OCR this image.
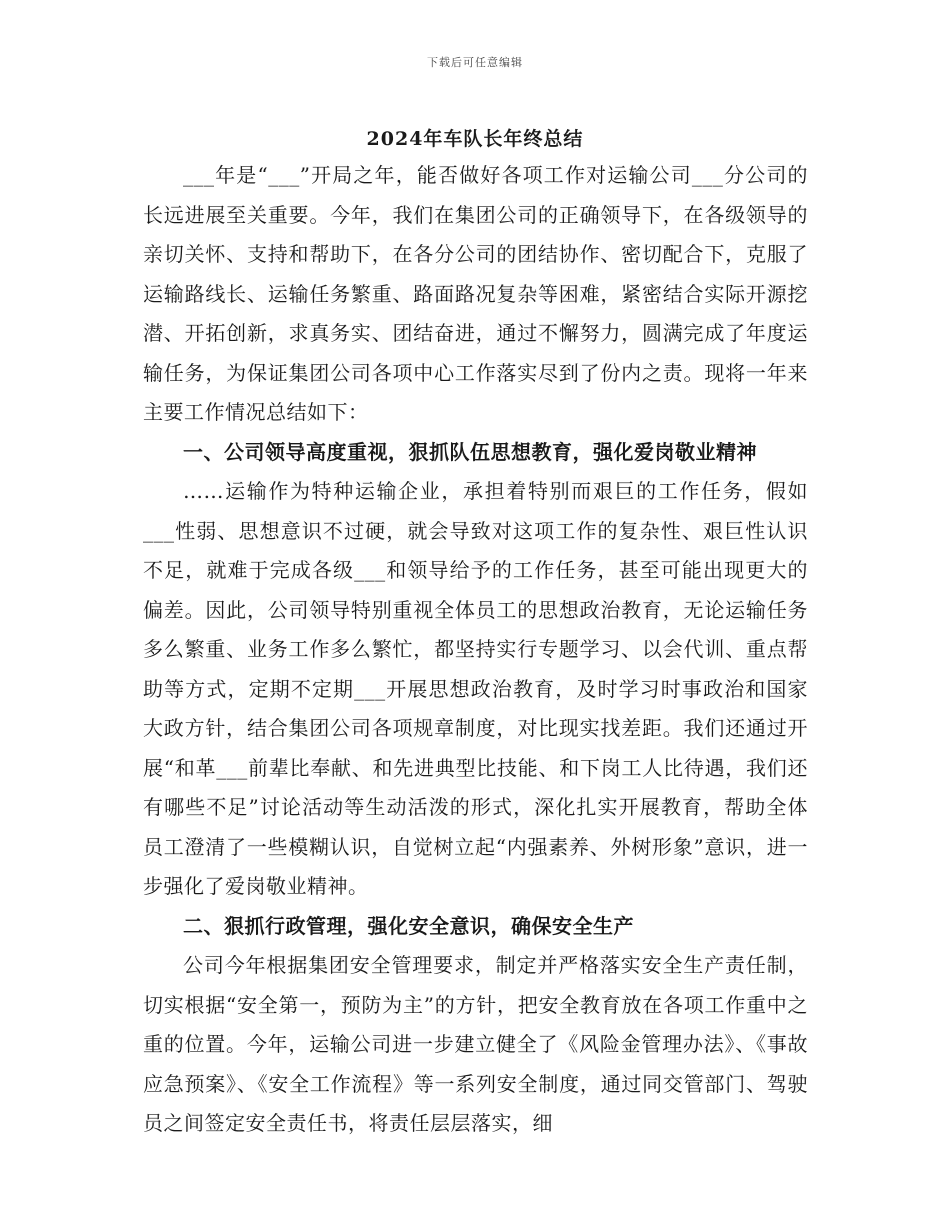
下载后可任意编辑
2024年车队长年终总结

___年是“___”开局之年，能否做好各项工作对运输公司___分公司的长远进展至关重要。今年，我们在集团公司的正确领导下，在各级领导的亲切关怀、支持和帮助下，在各分公司的团结协作、密切配合下，克服了运输路线长、运输任务繁重、路面路况复杂等困难，紧密结合实际开源挖潜、开拓创新，求真务实、团结奋进，通过不懈努力，圆满完成了年度运输任务，为保证集团公司各项中心工作落实尽到了份内之责。现将一年来主要工作情况总结如下：

一、公司领导高度重视，狠抓队伍思想教育，强化爱岗敬业精神

……运输作为特种运输企业，承担着特别而艰巨的工作任务，假如___性弱、思想意识不过硬，就会导致对这项工作的复杂性、艰巨性认识不足，就难于完成各级___和领导给予的工作任务，甚至可能出现更大的偏差。因此，公司领导特别重视全体员工的思想政治教育，无论运输任务多么繁重、业务工作多么繁忙，都坚持实行专题学习、以会代训、重点帮助等方式，定期不定期___开展思想政治教育，及时学习时事政治和国家大政方针，结合集团公司各项规章制度，对比现实找差距。我们还通过开展“和革___前辈比奉献、和先进典型比技能、和下岗工人比待遇，我们还有哪些不足”讨论活动等生动活泼的形式，深化扎实开展教育，帮助全体员工澄清了一些模糊认识，自觉树立起“内强素养、外树形象”意识，进一步强化了爱岗敬业精神。

二、狠抓行政管理，强化安全意识，确保安全生产

公司今年根据集团安全管理要求，制定并严格落实安全生产责任制，切实根据“安全第一，预防为主”的方针，把安全教育放在各项工作重中之重的位置。今年，运输公司进一步建立健全了《风险金管理办法》、《事故应急预案》、《安全工作流程》等一系列安全制度，通过同交管部门、驾驶员之间签定安全责任书，将责任层层落实，细
